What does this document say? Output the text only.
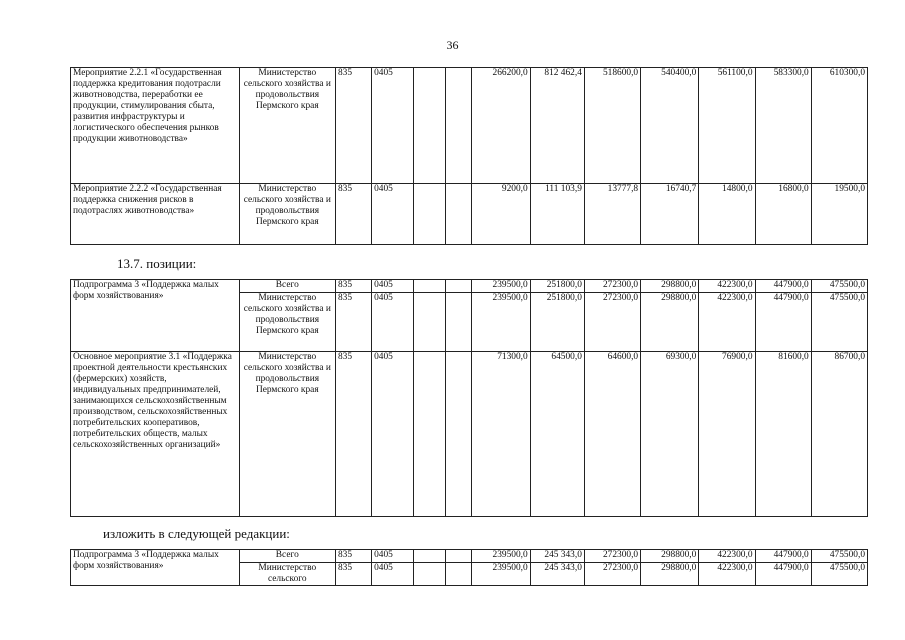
36
Мероприятие 2.2.1 «Государственная поддержка кредитования подотрасли животноводства, переработки ее продукции, стимулирования сбыта, развития инфраструктуры и логистического обеспечения рынков продукции животноводства»	Министерство сельского хозяйства и продовольствия Пермского края	835	0405			266200,0	812 462,4	518600,0	540400,0	561100,0	583300,0	610300,0
Мероприятие 2.2.2 «Государственная поддержка снижения рисков в подотраслях животноводства»	Министерство сельского хозяйства и продовольствия Пермского края	835	0405			9200,0	111 103,9	13777,8	16740,7	14800,0	16800,0	19500,0
13.7. позиции:
Подпрограмма 3 «Поддержка малых форм хозяйствования»	Всего	835	0405			239500,0	251800,0	272300,0	298800,0	422300,0	447900,0	475500,0
	Министерство сельского хозяйства и продовольствия Пермского края	835	0405			239500,0	251800,0	272300,0	298800,0	422300,0	447900,0	475500,0
Основное мероприятие 3.1 «Поддержка проектной деятельности крестьянских (фермерских) хозяйств, индивидуальных предпринимателей, занимающихся сельскохозяйственным производством, сельскохозяйственных потребительских кооперативов, потребительских обществ, малых сельскохозяйственных организаций»	Министерство сельского хозяйства и продовольствия Пермского края	835	0405			71300,0	64500,0	64600,0	69300,0	76900,0	81600,0	86700,0
изложить в следующей редакции:
Подпрограмма 3 «Поддержка малых форм хозяйствования»	Всего	835	0405			239500,0	245 343,0	272300,0	298800,0	422300,0	447900,0	475500,0
	Министерство сельского	835	0405			239500,0	245 343,0	272300,0	298800,0	422300,0	447900,0	475500,0
